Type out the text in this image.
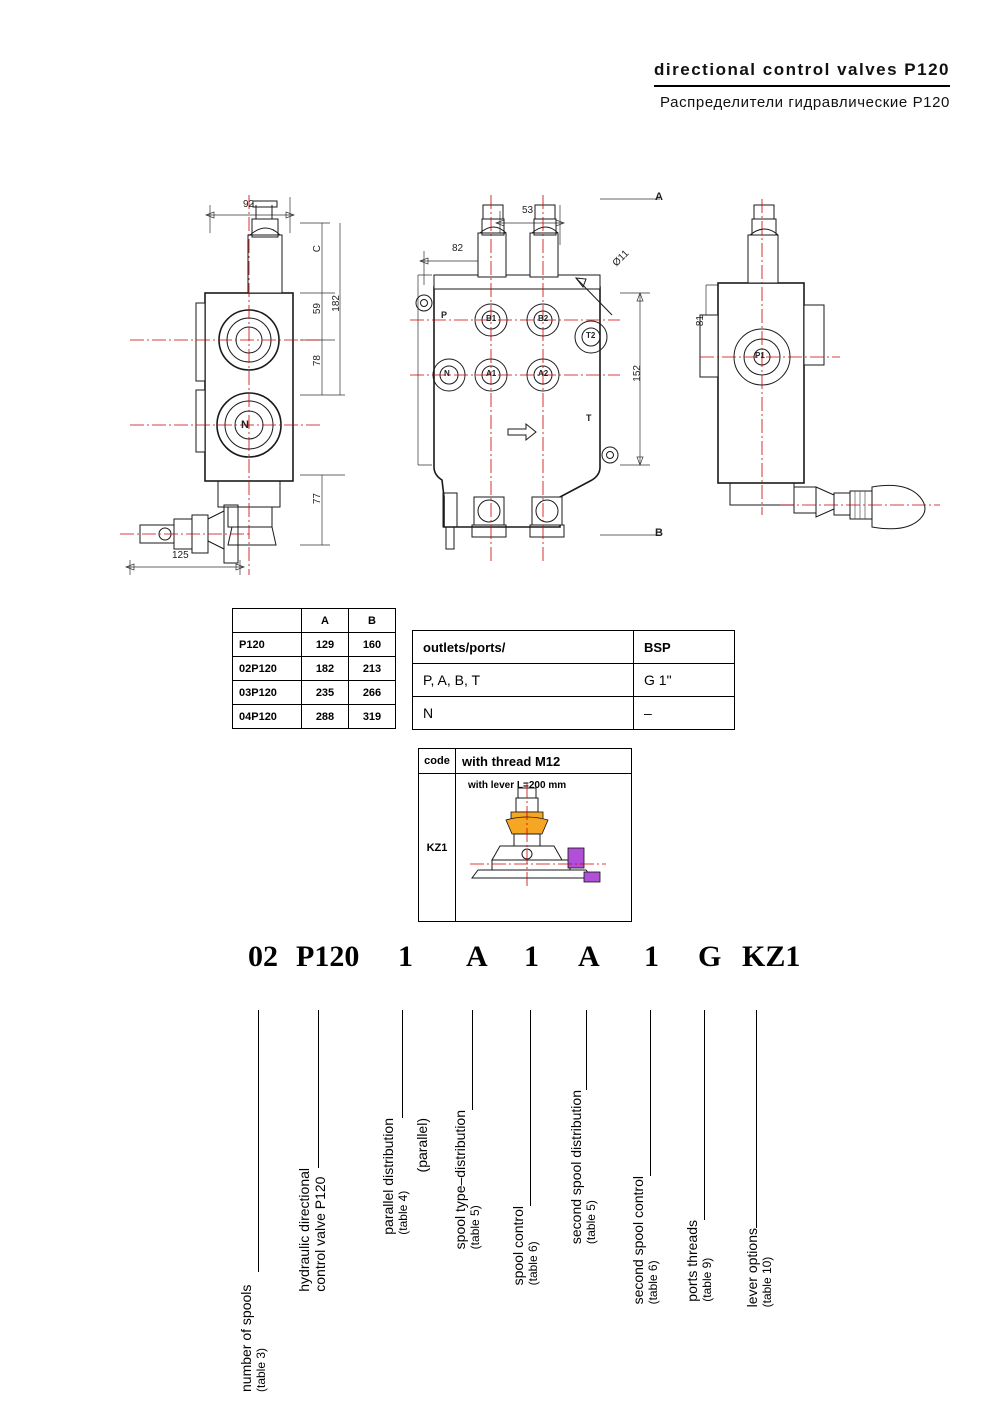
directional control valves P120
Распределители гидравлические P120
92
C
59
78
182
77
125
N
53
82	Ø11
152
A
B
P
T
B1	B2
A1	A2
T2
N
81
P1
	A	B
P120	129	160
02P120	182	213
03P120	235	266
04P120	288	319
outlets/ports/	BSP
P, A, B, T	G 1"
N	–
code with thread M12
KZ1
with lever L=200 mm
02 P120 1 A 1 A 1 G KZ1
number of spools (table 3)
hydraulic directional control valve P120	parallel distribution (table 4)
(parallel) spool type–distribution (table 5) spool control (table 6)
second spool distribution (table 5) second spool control (table 6) ports threads (table 9) lever options (table 10)
